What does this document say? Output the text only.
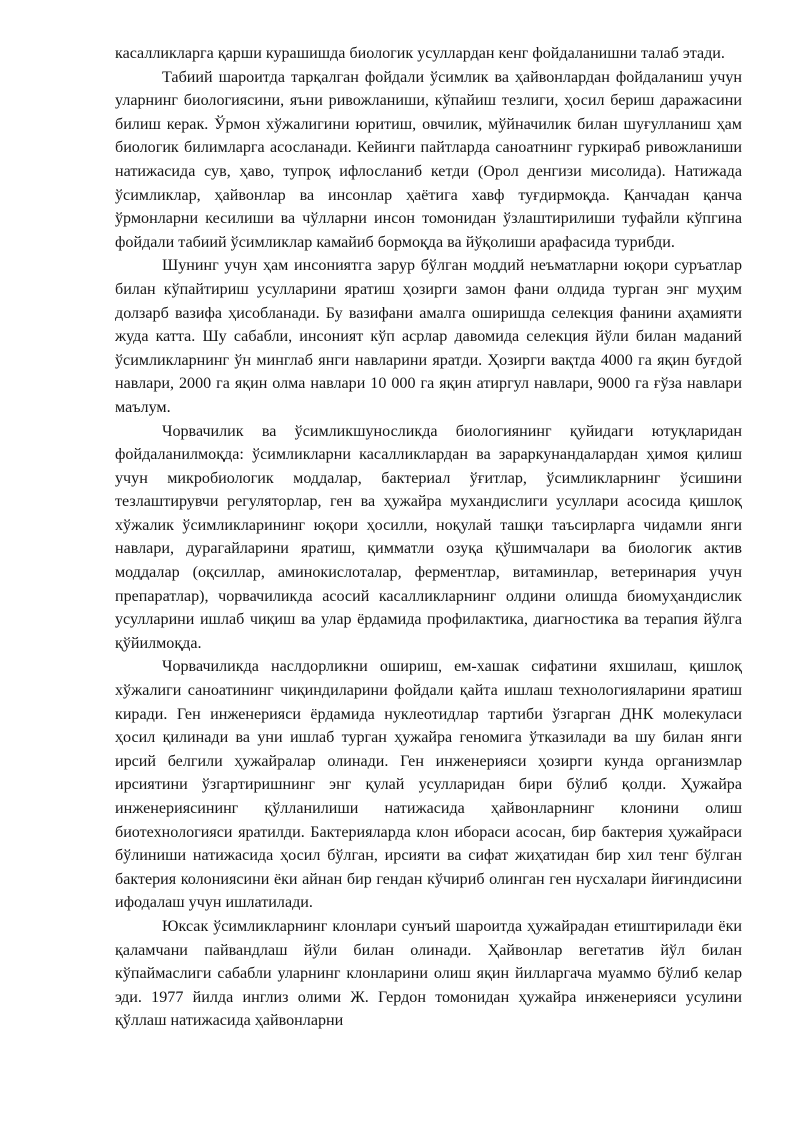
касалликларга қарши курашишда биологик усуллардан кенг фойдаланишни талаб этади.

Табиий шароитда тарқалган фойдали ўсимлик ва ҳайвонлардан фойдаланиш учун уларнинг биологиясини, яъни ривожланиши, кўпайиш тезлиги, ҳосил бериш даражасини билиш керак. Ўрмон хўжалигини юритиш, овчилик, мўйначилик билан шуғулланиш ҳам биологик билимларга асосланади. Кейинги пайтларда саноатнинг гуркираб ривожланиши натижасида сув, ҳаво, тупроқ ифлосланиб кетди (Орол денгизи мисолида). Натижада ўсимликлар, ҳайвонлар ва инсонлар ҳаётига хавф туғдирмоқда. Қанчадан қанча ўрмонларни кесилиши ва чўлларни инсон томонидан ўзлаштирилиши туфайли кўпгина фойдали табиий ўсимликлар камайиб бормоқда ва йўқолиши арафасида турибди.

Шунинг учун ҳам инсониятга зарур бўлган моддий неъматларни юқори суръатлар билан кўпайтириш усулларини яратиш ҳозирги замон фани олдида турган энг муҳим долзарб вазифа ҳисобланади. Бу вазифани амалга оширишда селекция фанини аҳамияти жуда катта. Шу сабабли, инсоният кўп асрлар давомида селекция йўли билан маданий ўсимликларнинг ўн минглаб янги навларини яратди. Ҳозирги вақтда 4000 га яқин буғдой навлари, 2000 га яқин олма навлари 10 000 га яқин атиргул навлари, 9000 га ғўза навлари маълум.

Чорвачилик ва ўсимликшуносликда биологиянинг қуйидаги ютуқларидан фойдаланилмоқда: ўсимликларни касалликлардан ва зараркунандалардан ҳимоя қилиш учун микробиологик моддалар, бактериал ўғитлар, ўсимликларнинг ўсишини тезлаштирувчи регуляторлар, ген ва ҳужайра мухандислиги усуллари асосида қишлоқ хўжалик ўсимликларининг юқори ҳосилли, ноқулай ташқи таъсирларга чидамли янги навлари, дурагайларини яратиш, қимматли озуқа қўшимчалари ва биологик актив моддалар (оқсиллар, аминокислоталар, ферментлар, витаминлар, ветеринария учун препаратлар), чорвачиликда асосий касалликларнинг олдини олишда биомуҳандислик усулларини ишлаб чиқиш ва улар ёрдамида профилактика, диагностика ва терапия йўлга қўйилмоқда.

Чорвачиликда наслдорликни ошириш, ем-хашак сифатини яхшилаш, қишлоқ хўжалиги саноатининг чиқиндиларини фойдали қайта ишлаш технологияларини яратиш киради. Ген инженерияси ёрдамида нуклеотидлар тартиби ўзгарган ДНК молекуласи ҳосил қилинади ва уни ишлаб турган ҳужайра геномига ўтказилади ва шу билан янги ирсий белгили ҳужайралар олинади. Ген инженерияси ҳозирги кунда организмлар ирсиятини ўзгартиришнинг энг қулай усулларидан бири бўлиб қолди. Ҳужайра инженериясининг қўлланилиши натижасида ҳайвонларнинг клонини олиш биотехнологияси яратилди. Бактерияларда клон ибораси асосан, бир бактерия ҳужайраси бўлиниши натижасида ҳосил бўлган, ирсияти ва сифат жиҳатидан бир хил тенг бўлган бактерия колониясини ёки айнан бир гендан кўчириб олинган ген нусхалари йиғиндисини ифодалаш учун ишлатилади.

Юксак ўсимликларнинг клонлари сунъий шароитда ҳужайрадан етиштирилади ёки қаламчани пайвандлаш йўли билан олинади. Ҳайвонлар вегетатив йўл билан кўпаймаслиги сабабли уларнинг клонларини олиш яқин йилларгача муаммо бўлиб келар эди. 1977 йилда инглиз олими Ж. Гердон томонидан ҳужайра инженерияси усулини қўллаш натижасида ҳайвонларни
